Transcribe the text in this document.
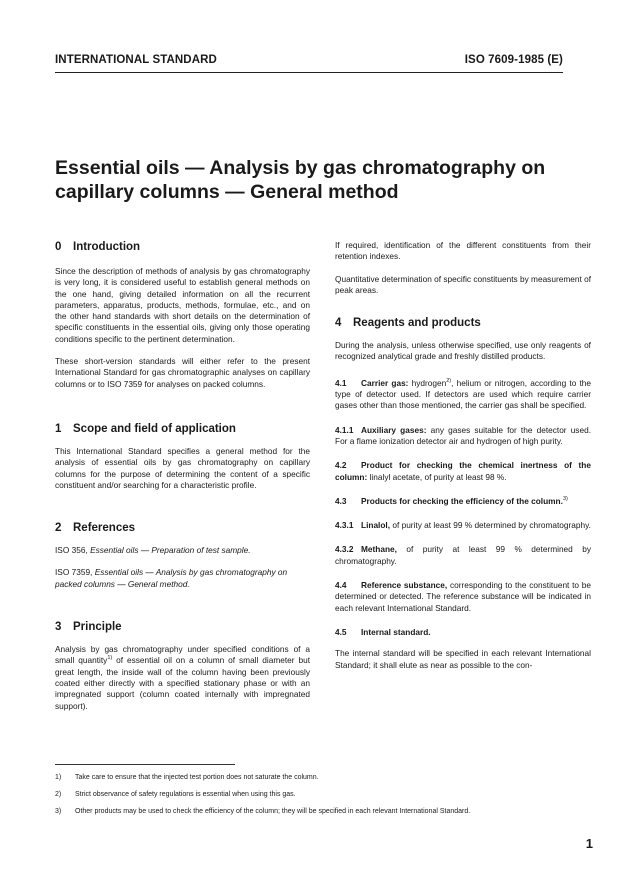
INTERNATIONAL STANDARD	ISO 7609-1985 (E)
Essential oils — Analysis by gas chromatography on
capillary columns — General method
0 Introduction

Since the description of methods of analysis by gas chromatography is very long, it is considered useful to establish general methods on the one hand, giving detailed information on all the recurrent parameters, apparatus, products, methods, formulae, etc., and on the other hand standards with short details on the determination of specific constituents in the essential oils, giving only those operating conditions specific to the pertinent determination.

These short-version standards will either refer to the present International Standard for gas chromatographic analyses on capillary columns or to ISO 7359 for analyses on packed columns.

1 Scope and field of application

This International Standard specifies a general method for the analysis of essential oils by gas chromatography on capillary columns for the purpose of determining the content of a specific constituent and/or searching for a characteristic profile.

2 References

ISO 356, Essential oils — Preparation of test sample.

ISO 7359, Essential oils — Analysis by gas chromatography on packed columns — General method.

3 Principle

Analysis by gas chromatography under specified conditions of a small quantity$^{1)}$ of essential oil on a column of small diameter but great length, the inside wall of the column having been previously coated either directly with a specified stationary phase or with an impregnated support (column coated internally with impregnated support).

If required, identification of the different constituents from their retention indexes.

Quantitative determination of specific constituents by measurement of peak areas.

4 Reagents and products

During the analysis, unless otherwise specified, use only reagents of recognized analytical grade and freshly distilled products.

4.1 Carrier gas: hydrogen$^{2)}$, helium or nitrogen, according to the type of detector used. If detectors are used which require carrier gases other than those mentioned, the carrier gas shall be specified.

4.1.1 Auxiliary gases: any gases suitable for the detector used. For a flame ionization detector air and hydrogen of high purity.

4.2 Product for checking the chemical inertness of the column: linalyl acetate, of purity at least 98 %.

4.3 Products for checking the efficiency of the column.$^{3)}$

4.3.1 Linalol, of purity at least 99 % determined by chromatography.

4.3.2 Methane, of purity at least 99 % determined by chromatography.

4.4 Reference substance, corresponding to the constituent to be determined or detected. The reference substance will be indicated in each relevant International Standard.

4.5 Internal standard.

The internal standard will be specified in each relevant International Standard; it shall elute as near as possible to the con-

1) Take care to ensure that the injected test portion does not saturate the column.
2) Strict observance of safety regulations is essential when using this gas.
3) Other products may be used to check the efficiency of the column; they will be specified in each relevant International Standard.
1
